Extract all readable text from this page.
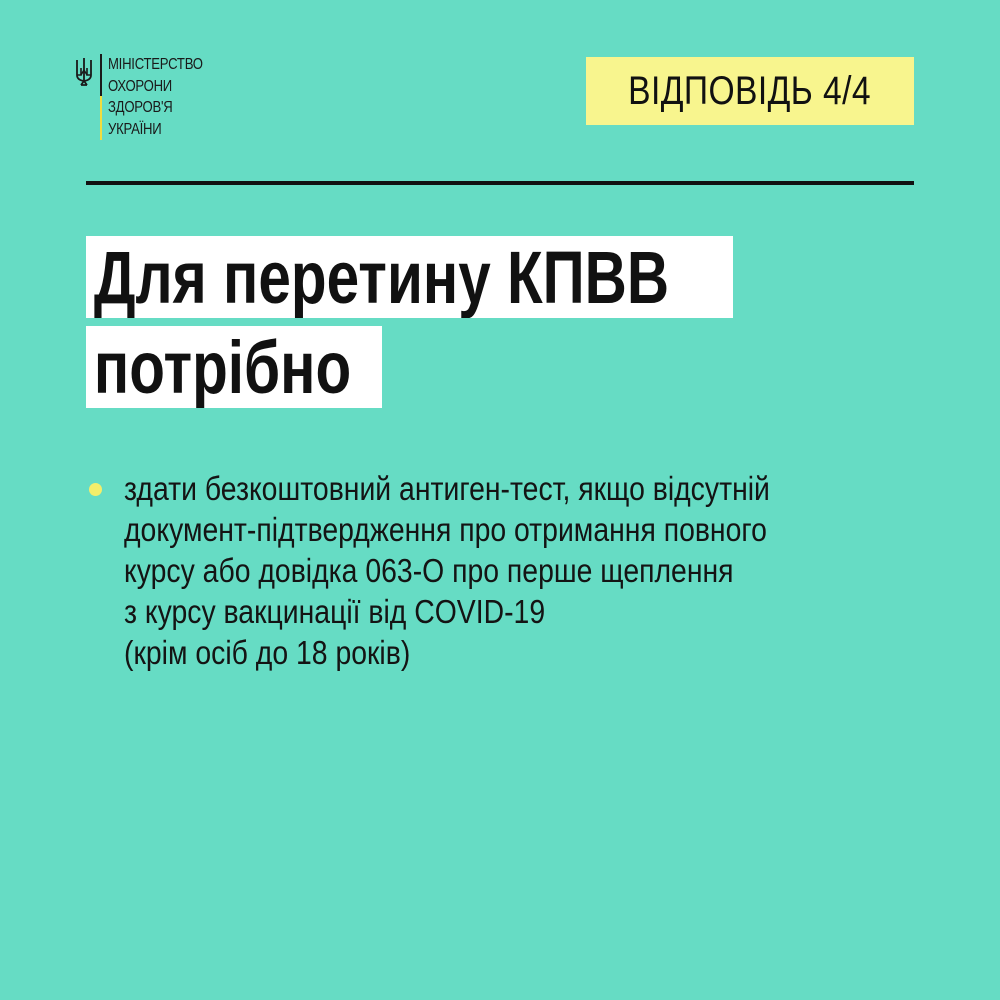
МІНІСТЕРСТВО
ОХОРОНИ
ЗДОРОВ'Я
УКРАЇНИ
ВІДПОВІДЬ 4/4
Для перетину КПВВ
потрібно
здати безкоштовний антиген-тест, якщо відсутній
документ-підтвердження про отримання повного
курсу або довідка 063-О про перше щеплення
з курсу вакцинації від COVID-19
(крім осіб до 18 років)
